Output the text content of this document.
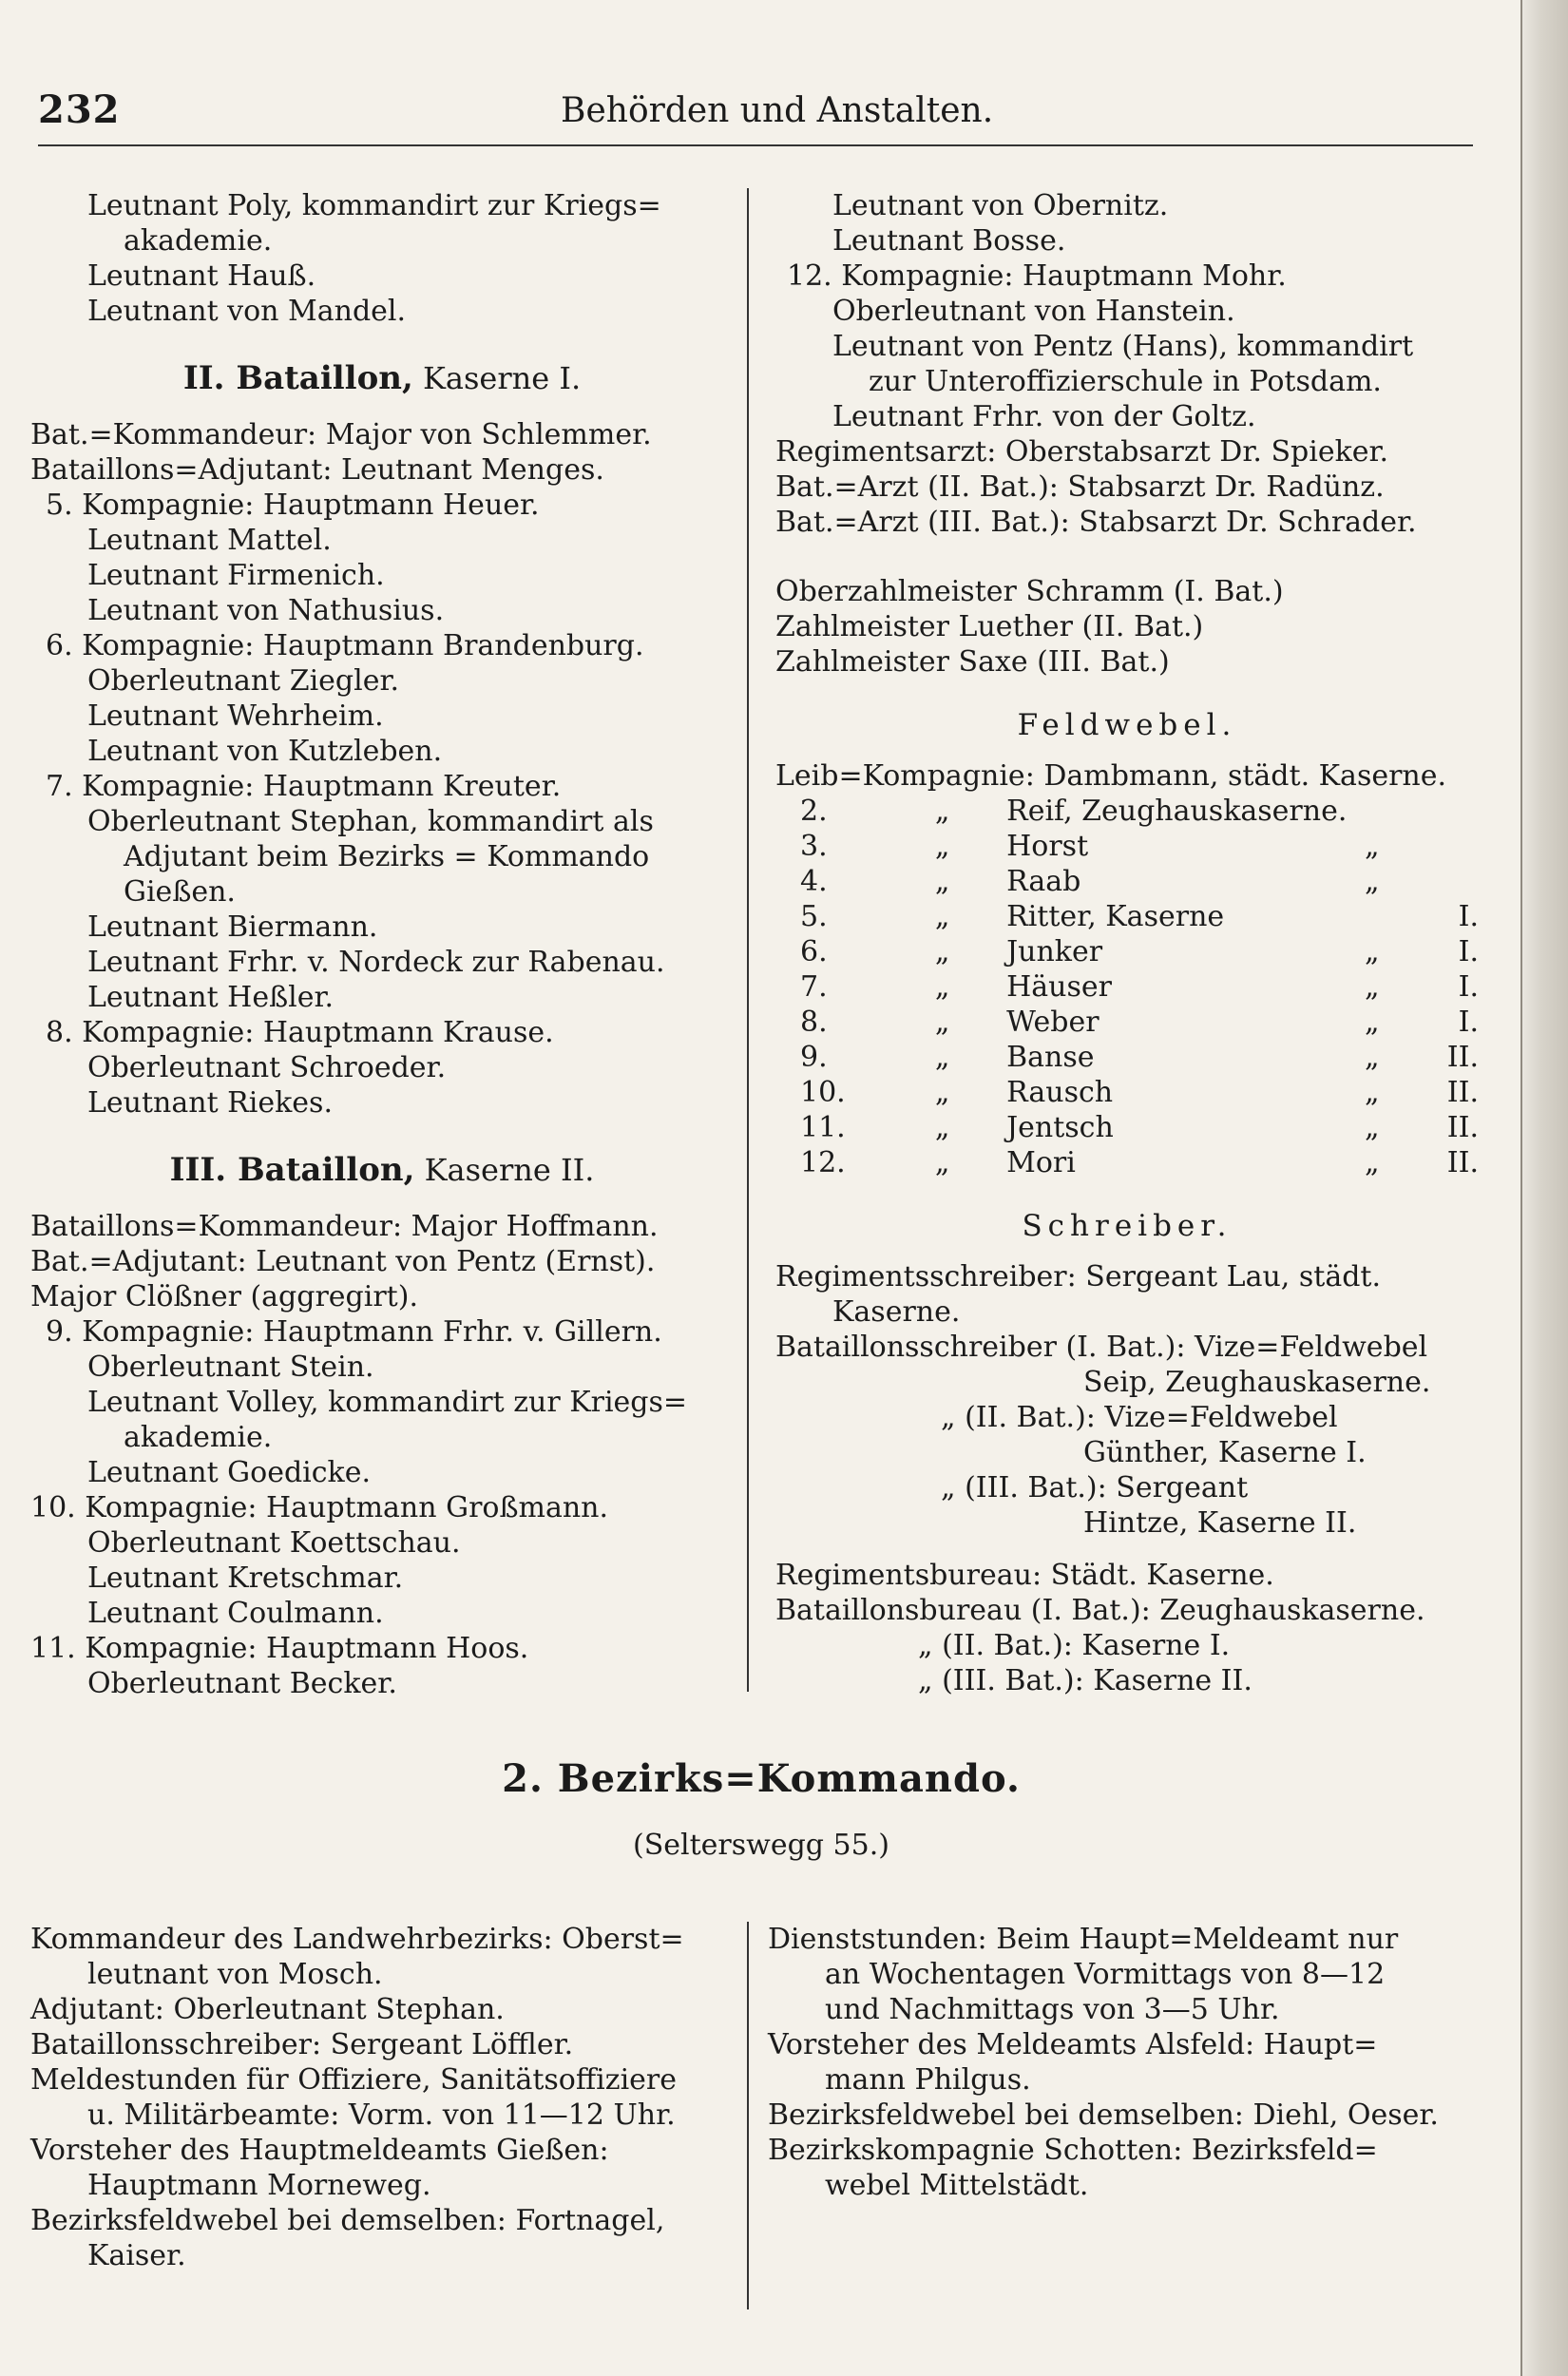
232	Behörden und Anstalten.
Leutnant Poly, kommandirt zur Kriegs=
akademie.
Leutnant Hauß.
Leutnant von Mandel.
II. Bataillon, Kaserne I.
Bat.=Kommandeur: Major von Schlemmer.
Bataillons=Adjutant: Leutnant Menges.
5. Kompagnie: Hauptmann Heuer.
Leutnant Mattel.
Leutnant Firmenich.
Leutnant von Nathusius.
6. Kompagnie: Hauptmann Brandenburg.
Oberleutnant Ziegler.
Leutnant Wehrheim.
Leutnant von Kutzleben.
7. Kompagnie: Hauptmann Kreuter.
Oberleutnant Stephan, kommandirt als
Adjutant beim Bezirks = Kommando
Gießen.
Leutnant Biermann.
Leutnant Frhr. v. Nordeck zur Rabenau.
Leutnant Heßler.
8. Kompagnie: Hauptmann Krause.
Oberleutnant Schroeder.
Leutnant Riekes.
III. Bataillon, Kaserne II.
Bataillons=Kommandeur: Major Hoffmann.
Bat.=Adjutant: Leutnant von Pentz (Ernst).
Major Clößner (aggregirt).
9. Kompagnie: Hauptmann Frhr. v. Gillern.
Oberleutnant Stein.
Leutnant Volley, kommandirt zur Kriegs=
akademie.
Leutnant Goedicke.
10. Kompagnie: Hauptmann Großmann.
Oberleutnant Koettschau.
Leutnant Kretschmar.
Leutnant Coulmann.
11. Kompagnie: Hauptmann Hoos.
Oberleutnant Becker.
Leutnant von Obernitz.
Leutnant Bosse.
12. Kompagnie: Hauptmann Mohr.
Oberleutnant von Hanstein.
Leutnant von Pentz (Hans), kommandirt
zur Unteroffizierschule in Potsdam.
Leutnant Frhr. von der Goltz.
Regimentsarzt: Oberstabsarzt Dr. Spieker.
Bat.=Arzt (II. Bat.): Stabsarzt Dr. Radünz.
Bat.=Arzt (III. Bat.): Stabsarzt Dr. Schrader.
Oberzahlmeister Schramm (I. Bat.)
Zahlmeister Luether (II. Bat.)
Zahlmeister Saxe (III. Bat.)
Feldwebel.
Leib=Kompagnie: Dambmann, städt. Kaserne.
2.	„	Reif, Zeughauskaserne.		
3.	„	Horst	„	
4.	„	Raab	„	
5.	„	Ritter, Kaserne		I.
6.	„	Junker	„	I.
7.	„	Häuser	„	I.
8.	„	Weber	„	I.
9.	„	Banse	„	II.
10.	„	Rausch	„	II.
11.	„	Jentsch	„	II.
12.	„	Mori	„	II.
Schreiber.
Regimentsschreiber: Sergeant Lau, städt.
Kaserne.
Bataillonsschreiber (I. Bat.): Vize=Feldwebel
Seip, Zeughauskaserne.
„ (II. Bat.): Vize=Feldwebel
Günther, Kaserne I.
„ (III. Bat.): Sergeant
Hintze, Kaserne II.
Regimentsbureau: Städt. Kaserne.
Bataillonsbureau (I. Bat.): Zeughauskaserne.
„ (II. Bat.): Kaserne I.
„ (III. Bat.): Kaserne II.
2. Bezirks=Kommando.
(Selterswegg 55.)
Kommandeur des Landwehrbezirks: Oberst=
leutnant von Mosch.
Adjutant: Oberleutnant Stephan.
Bataillonsschreiber: Sergeant Löffler.
Meldestunden für Offiziere, Sanitätsoffiziere
u. Militärbeamte: Vorm. von 11—12 Uhr.
Vorsteher des Hauptmeldeamts Gießen:
Hauptmann Morneweg.
Bezirksfeldwebel bei demselben: Fortnagel,
Kaiser.
Dienststunden: Beim Haupt=Meldeamt nur
an Wochentagen Vormittags von 8—12
und Nachmittags von 3—5 Uhr.
Vorsteher des Meldeamts Alsfeld: Haupt=
mann Philgus.
Bezirksfeldwebel bei demselben: Diehl, Oeser.
Bezirkskompagnie Schotten: Bezirksfeld=
webel Mittelstädt.
